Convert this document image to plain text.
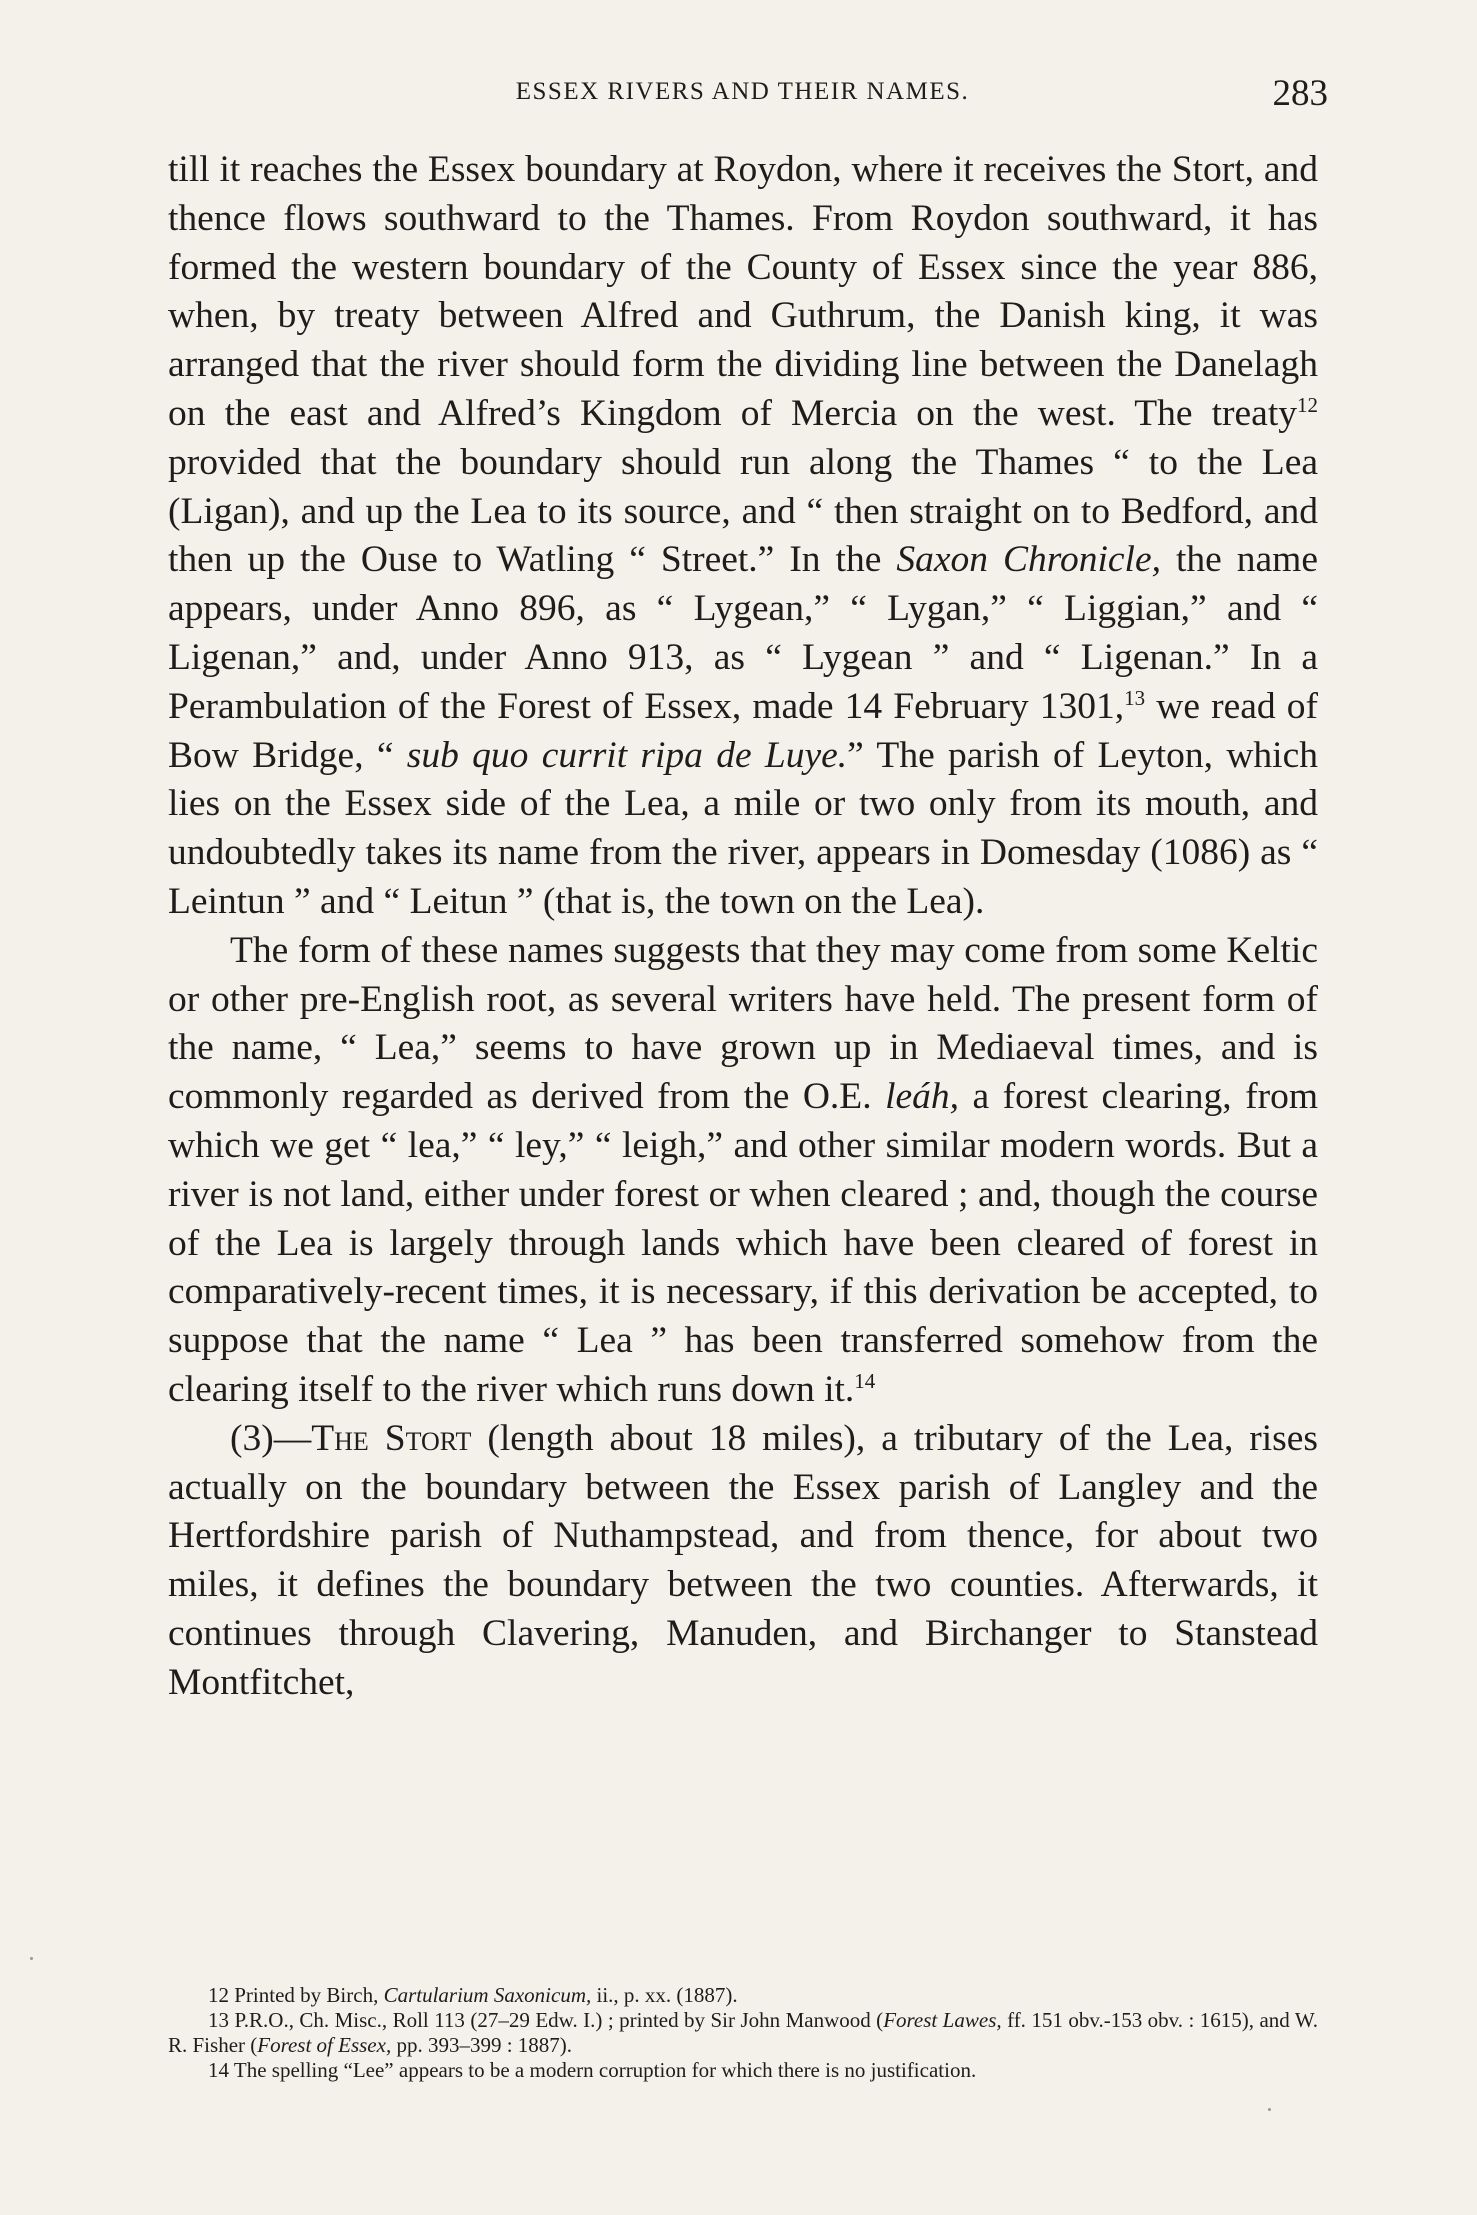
ESSEX RIVERS AND THEIR NAMES.	283

till it reaches the Essex boundary at Roydon, where it receives the Stort, and thence flows southward to the Thames. From Roydon southward, it has formed the western boundary of the County of Essex since the year 886, when, by treaty between Alfred and Guthrum, the Danish king, it was arranged that the river should form the dividing line between the Danelagh on the east and Alfred’s Kingdom of Mercia on the west. The treaty$^{12}$ provided that the boundary should run along the Thames “ to the Lea (Ligan), and up the Lea to its source, and “ then straight on to Bedford, and then up the Ouse to Watling “ Street.” In the Saxon Chronicle, the name appears, under Anno 896, as “ Lygean,” “ Lygan,” “ Liggian,” and “ Ligenan,” and, under Anno 913, as “ Lygean ” and “ Ligenan.” In a Perambulation of the Forest of Essex, made 14 February 1301,13 we read of Bow Bridge, “ sub quo currit ripa de Luye.” The parish of Leyton, which lies on the Essex side of the Lea, a mile or two only from its mouth, and undoubtedly takes its name from the river, appears in Domesday (1086) as “ Leintun ” and “ Leitun ” (that is, the town on the Lea).

The form of these names suggests that they may come from some Keltic or other pre-English root, as several writers have held. The present form of the name, “ Lea,” seems to have grown up in Mediaeval times, and is commonly regarded as derived from the O.E. leáh, a forest clearing, from which we get “ lea,” “ ley,” “ leigh,” and other similar modern words. But a river is not land, either under forest or when cleared ; and, though the course of the Lea is largely through lands which have been cleared of forest in comparatively-recent times, it is necessary, if this derivation be accepted, to suppose that the name “ Lea ” has been transferred somehow from the clearing itself to the river which runs down it.$^{14}$

(3)—The Stort (length about 18 miles), a tributary of the Lea, rises actually on the boundary between the Essex parish of Langley and the Hertfordshire parish of Nuthampstead, and from thence, for about two miles, it defines the boundary between the two counties. Afterwards, it continues through Clavering, Manuden, and Birchanger to Stanstead Montfitchet,

12 Printed by Birch, Cartularium Saxonicum, ii., p. xx. (1887).

13 P.R.O., Ch. Misc., Roll 113 (27–29 Edw. I.) ; printed by Sir John Manwood (Forest Lawes, ff. 151 obv.-153 obv. : 1615), and W. R. Fisher (Forest of Essex, pp. 393–399 : 1887).

14 The spelling “Lee” appears to be a modern corruption for which there is no justification.
